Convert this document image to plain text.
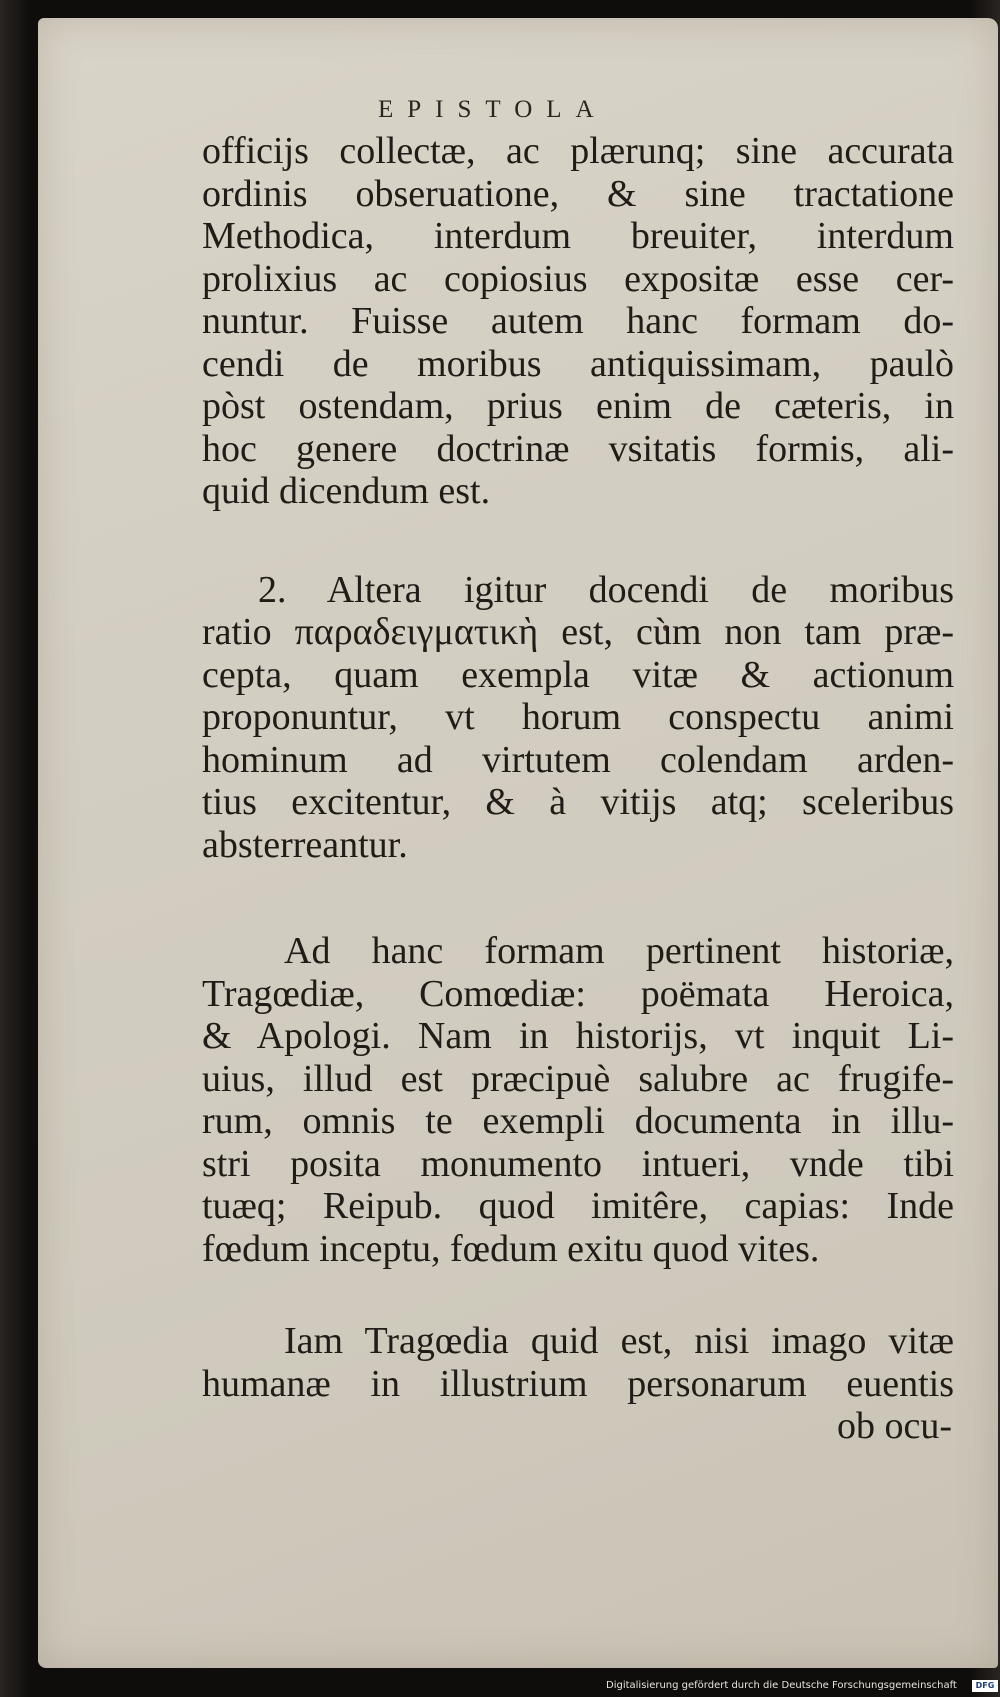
EPISTOLA
officijs collectæ, ac plærunq; sine accurata
ordinis obseruatione, & sine tractatione
Methodica, interdum breuiter, interdum
prolixius ac copiosius expositæ esse cer-
nuntur. Fuisse autem hanc formam do-
cendi de moribus antiquissimam, paulò
pòst ostendam, prius enim de cæteris, in
hoc genere doctrinæ vsitatis formis, ali-
quid dicendum est.
2. Altera igitur docendi de moribus
ratio παραδειγματικὴ est, cùm non tam præ-
cepta, quam exempla vitæ & actionum
proponuntur, vt horum conspectu animi
hominum ad virtutem colendam arden-
tius excitentur, & à vitijs atq; sceleribus
absterreantur.
Ad hanc formam pertinent historiæ,
Tragœdiæ, Comœdiæ: poëmata Heroica,
& Apologi. Nam in historijs, vt inquit Li-
uius, illud est præcipuè salubre ac frugife-
rum, omnis te exempli documenta in illu-
stri posita monumento intueri, vnde tibi
tuæq; Reipub. quod imitêre, capias: Inde
fœdum inceptu, fœdum exitu quod vites.
Iam Tragœdia quid est, nisi imago vitæ
humanæ in illustrium personarum euentis
ob ocu-
Digitalisierung gefördert durch die Deutsche Forschungsgemeinschaft	DFG
